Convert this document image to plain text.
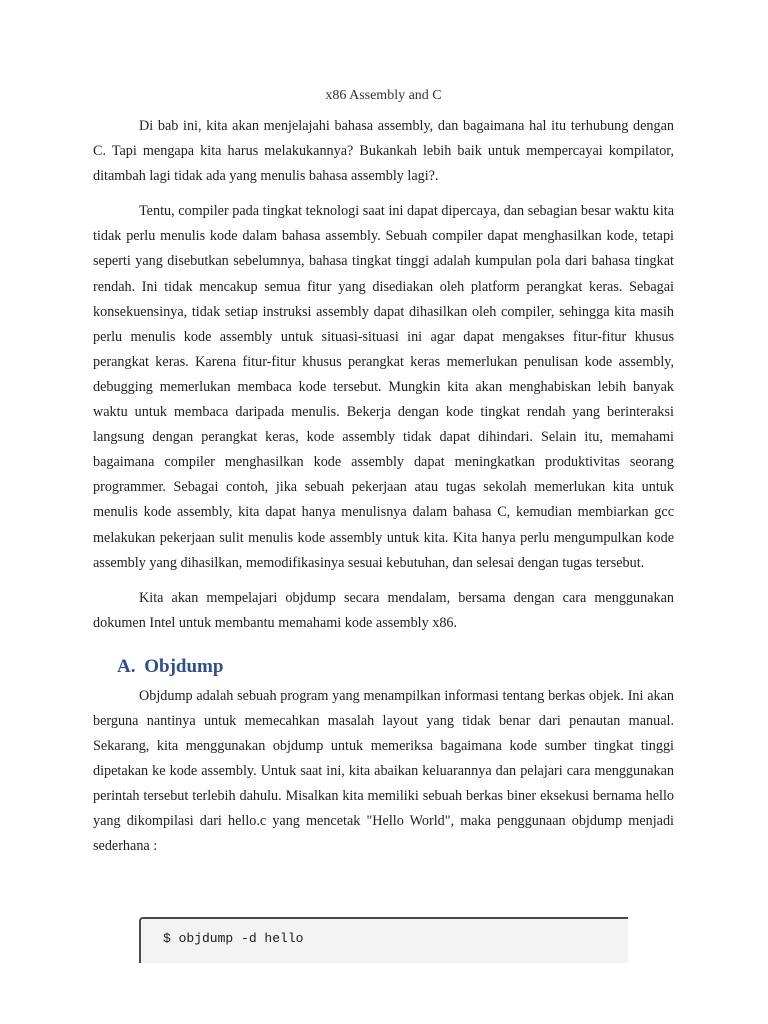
x86 Assembly and C

Di bab ini, kita akan menjelajahi bahasa assembly, dan bagaimana hal itu terhubung dengan C. Tapi mengapa kita harus melakukannya? Bukankah lebih baik untuk mempercayai kompilator, ditambah lagi tidak ada yang menulis bahasa assembly lagi?.

Tentu, compiler pada tingkat teknologi saat ini dapat dipercaya, dan sebagian besar waktu kita tidak perlu menulis kode dalam bahasa assembly. Sebuah compiler dapat menghasilkan kode, tetapi seperti yang disebutkan sebelumnya, bahasa tingkat tinggi adalah kumpulan pola dari bahasa tingkat rendah. Ini tidak mencakup semua fitur yang disediakan oleh platform perangkat keras. Sebagai konsekuensinya, tidak setiap instruksi assembly dapat dihasilkan oleh compiler, sehingga kita masih perlu menulis kode assembly untuk situasi-situasi ini agar dapat mengakses fitur-fitur khusus perangkat keras. Karena fitur-fitur khusus perangkat keras memerlukan penulisan kode assembly, debugging memerlukan membaca kode tersebut. Mungkin kita akan menghabiskan lebih banyak waktu untuk membaca daripada menulis. Bekerja dengan kode tingkat rendah yang berinteraksi langsung dengan perangkat keras, kode assembly tidak dapat dihindari. Selain itu, memahami bagaimana compiler menghasilkan kode assembly dapat meningkatkan produktivitas seorang programmer. Sebagai contoh, jika sebuah pekerjaan atau tugas sekolah memerlukan kita untuk menulis kode assembly, kita dapat hanya menulisnya dalam bahasa C, kemudian membiarkan gcc melakukan pekerjaan sulit menulis kode assembly untuk kita. Kita hanya perlu mengumpulkan kode assembly yang dihasilkan, memodifikasinya sesuai kebutuhan, dan selesai dengan tugas tersebut.

Kita akan mempelajari objdump secara mendalam, bersama dengan cara menggunakan dokumen Intel untuk membantu memahami kode assembly x86.

A. Objdump

Objdump adalah sebuah program yang menampilkan informasi tentang berkas objek. Ini akan berguna nantinya untuk memecahkan masalah layout yang tidak benar dari penautan manual. Sekarang, kita menggunakan objdump untuk memeriksa bagaimana kode sumber tingkat tinggi dipetakan ke kode assembly. Untuk saat ini, kita abaikan keluarannya dan pelajari cara menggunakan perintah tersebut terlebih dahulu. Misalkan kita memiliki sebuah berkas biner eksekusi bernama hello yang dikompilasi dari hello.c yang mencetak "Hello World", maka penggunaan objdump menjadi sederhana :

$ objdump -d hello
